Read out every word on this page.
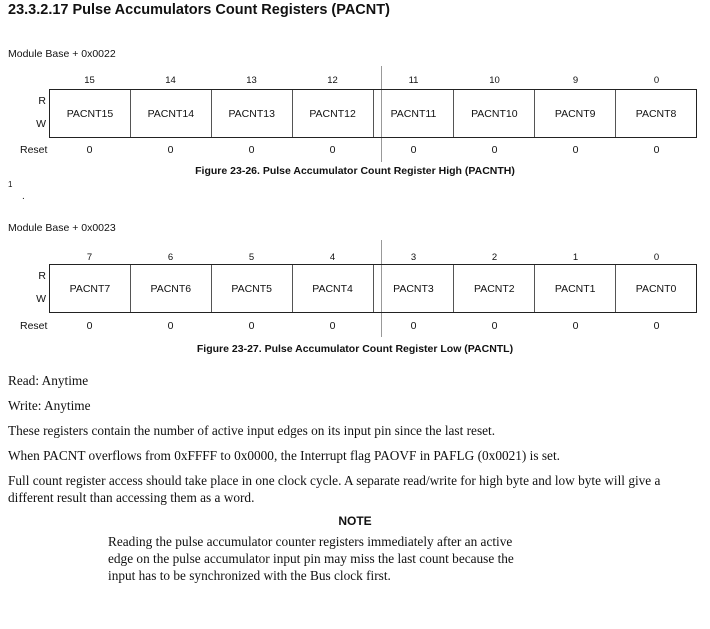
23.3.2.17 Pulse Accumulators Count Registers (PACNT)
Module Base + 0x0022
15	14	13	12	11	10	9	0
R
W
PACNT15	PACNT14	PACNT13	PACNT12	PACNT11	PACNT10	PACNT9	PACNT8
Reset	0	0	0	0	0	0	0	0
Figure 23-26. Pulse Accumulator Count Register High (PACNTH)
1
.
Module Base + 0x0023
7	6	5	4	3	2	1	0
R
W
PACNT7	PACNT6	PACNT5	PACNT4	PACNT3	PACNT2	PACNT1	PACNT0
Reset	0	0	0	0	0	0	0	0
Figure 23-27. Pulse Accumulator Count Register Low (PACNTL)
Read: Anytime
Write: Anytime
These registers contain the number of active input edges on its input pin since the last reset.
When PACNT overflows from 0xFFFF to 0x0000, the Interrupt flag PAOVF in PAFLG (0x0021) is set.
Full count register access should take place in one clock cycle. A separate read/write for high byte and low byte will give a different result than accessing them as a word.
NOTE
Reading the pulse accumulator counter registers immediately after an active
edge on the pulse accumulator input pin may miss the last count because the
input has to be synchronized with the Bus clock first.
